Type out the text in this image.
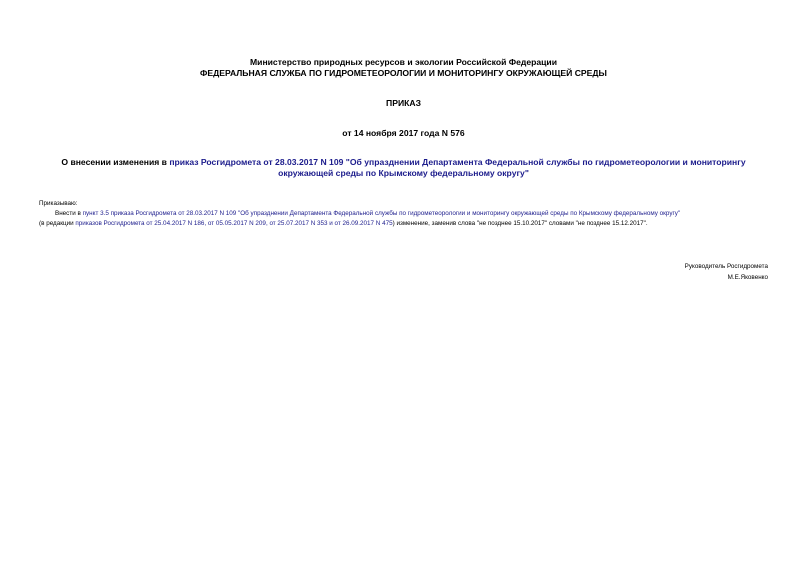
Министерство природных ресурсов и экологии Российской Федерации
ФЕДЕРАЛЬНАЯ СЛУЖБА ПО ГИДРОМЕТЕОРОЛОГИИ И МОНИТОРИНГУ ОКРУЖАЮЩЕЙ СРЕДЫ
ПРИКАЗ
от 14 ноября 2017 года N 576
О внесении изменения в приказ Росгидромета от 28.03.2017 N 109 "Об упразднении Департамента Федеральной службы по гидрометеорологии и мониторингу
окружающей среды по Крымскому федеральному округу"
Приказываю:
Внести в пункт 3.5 приказа Росгидромета от 28.03.2017 N 109 "Об упразднении Департамента Федеральной службы по гидрометеорологии и мониторингу окружающей среды по Крымскому федеральному округу"
(в редакции приказов Росгидромета от 25.04.2017 N 186, от 05.05.2017 N 209, от 25.07.2017 N 353 и от 26.09.2017 N 475) изменение, заменив слова "не позднее 15.10.2017" словами "не позднее 15.12.2017".
Руководитель Росгидромета
М.Е.Яковенко
